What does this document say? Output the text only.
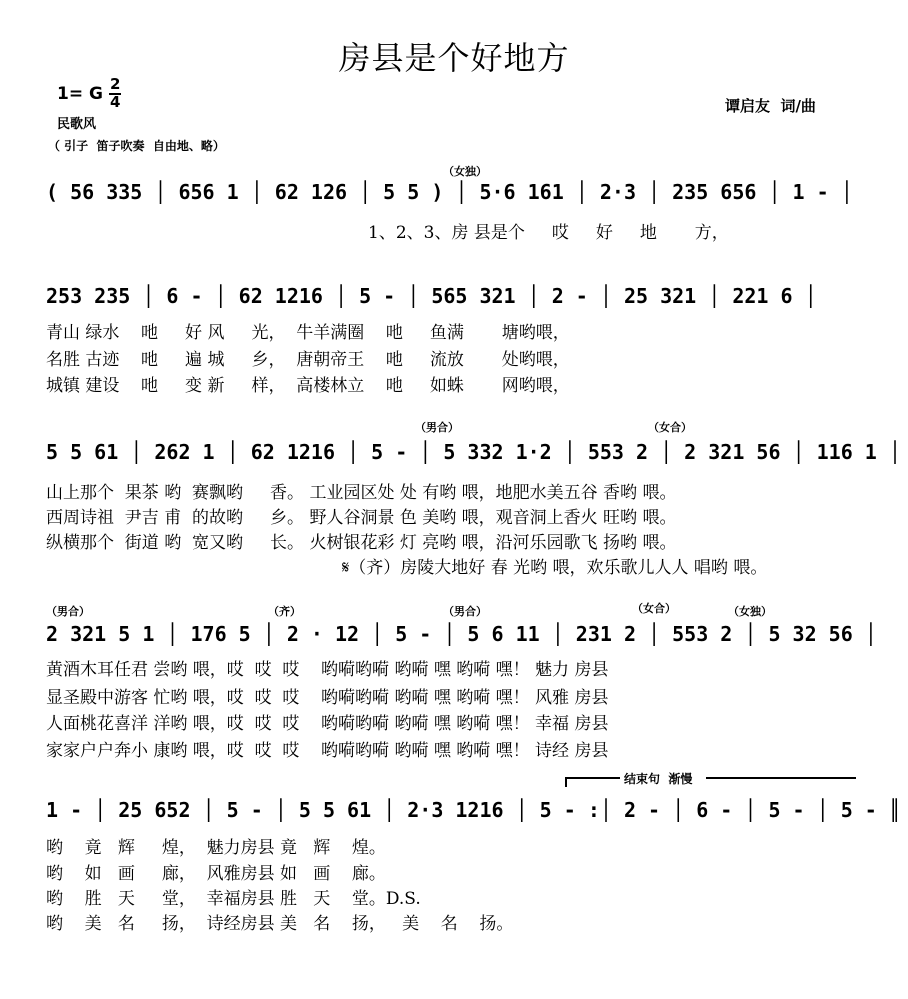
房县是个好地方
1= G 2
4
民歌风
（ 引子  笛子吹奏  自由地、略）
谭启友  词/曲
（女独）
( 56 335 │ 656 1 │ 62 126 │ 5 5 ) │ 5·6 161 │ 2·3 │ 235 656 │ 1 - │
1、2、3、房 县是个     哎     好     地       方，
253 235 │ 6 - │ 62 1216 │ 5 - │ 565 321 │ 2 - │ 25 321 │ 221 6 │
青山 绿水    吔     好 风     光，  牛羊满圈    吔     鱼满       塘哟喂，
名胜 古迹    吔     遍 城     乡，  唐朝帝王    吔     流放       处哟喂，
城镇 建设    吔     变 新     样，  高楼林立    吔     如蛛       网哟喂，
（男合）	（女合）
5 5 61 │ 262 1 │ 62 1216 │ 5 - │ 5 332 1·2 │ 553 2 │ 2 321 56 │ 116 1 │
山上那个  果茶 哟  赛飘哟     香。 工业园区处 处 有哟 喂，地肥水美五谷 香哟 喂。
西周诗祖  尹吉 甫  的故哟     乡。 野人谷洞景 色 美哟 喂，观音洞上香火 旺哟 喂。
纵横那个  街道 哟  宽又哟     长。 火树银花彩 灯 亮哟 喂，沿河乐园歌飞 扬哟 喂。
𝄋（齐）房陵大地好 春 光哟 喂，欢乐歌儿人人 唱哟 喂。
（男合）	（齐）	（男合）	（女合）	（女独）
2 321 5 1 │ 176 5 │ 2 · 12 │ 5 - │ 5 6 11 │ 231 2 │ 553 2 │ 5 32 56 │
黄酒木耳任君 尝哟 喂，哎  哎  哎    哟嗬哟嗬 哟嗬 嘿 哟嗬 嘿！ 魅力 房县
显圣殿中游客 忙哟 喂，哎  哎  哎    哟嗬哟嗬 哟嗬 嘿 哟嗬 嘿！ 风雅 房县
人面桃花喜洋 洋哟 喂，哎  哎  哎    哟嗬哟嗬 哟嗬 嘿 哟嗬 嘿！ 幸福 房县
家家户户奔小 康哟 喂，哎  哎  哎    哟嗬哟嗬 哟嗬 嘿 哟嗬 嘿！ 诗经 房县
结束句  渐慢
1 - │ 25 652 │ 5 - │ 5 5 61 │ 2·3 1216 │ 5 - :│ 2 - │ 6 - │ 5 - │ 5 - ║
哟    竟   辉     煌，  魅力房县 竟   辉    煌。
哟    如   画     廊，  风雅房县 如   画    廊。
哟    胜   天     堂，  幸福房县 胜   天    堂。D.S.
哟    美   名     扬，  诗经房县 美   名    扬，   美    名    扬。
